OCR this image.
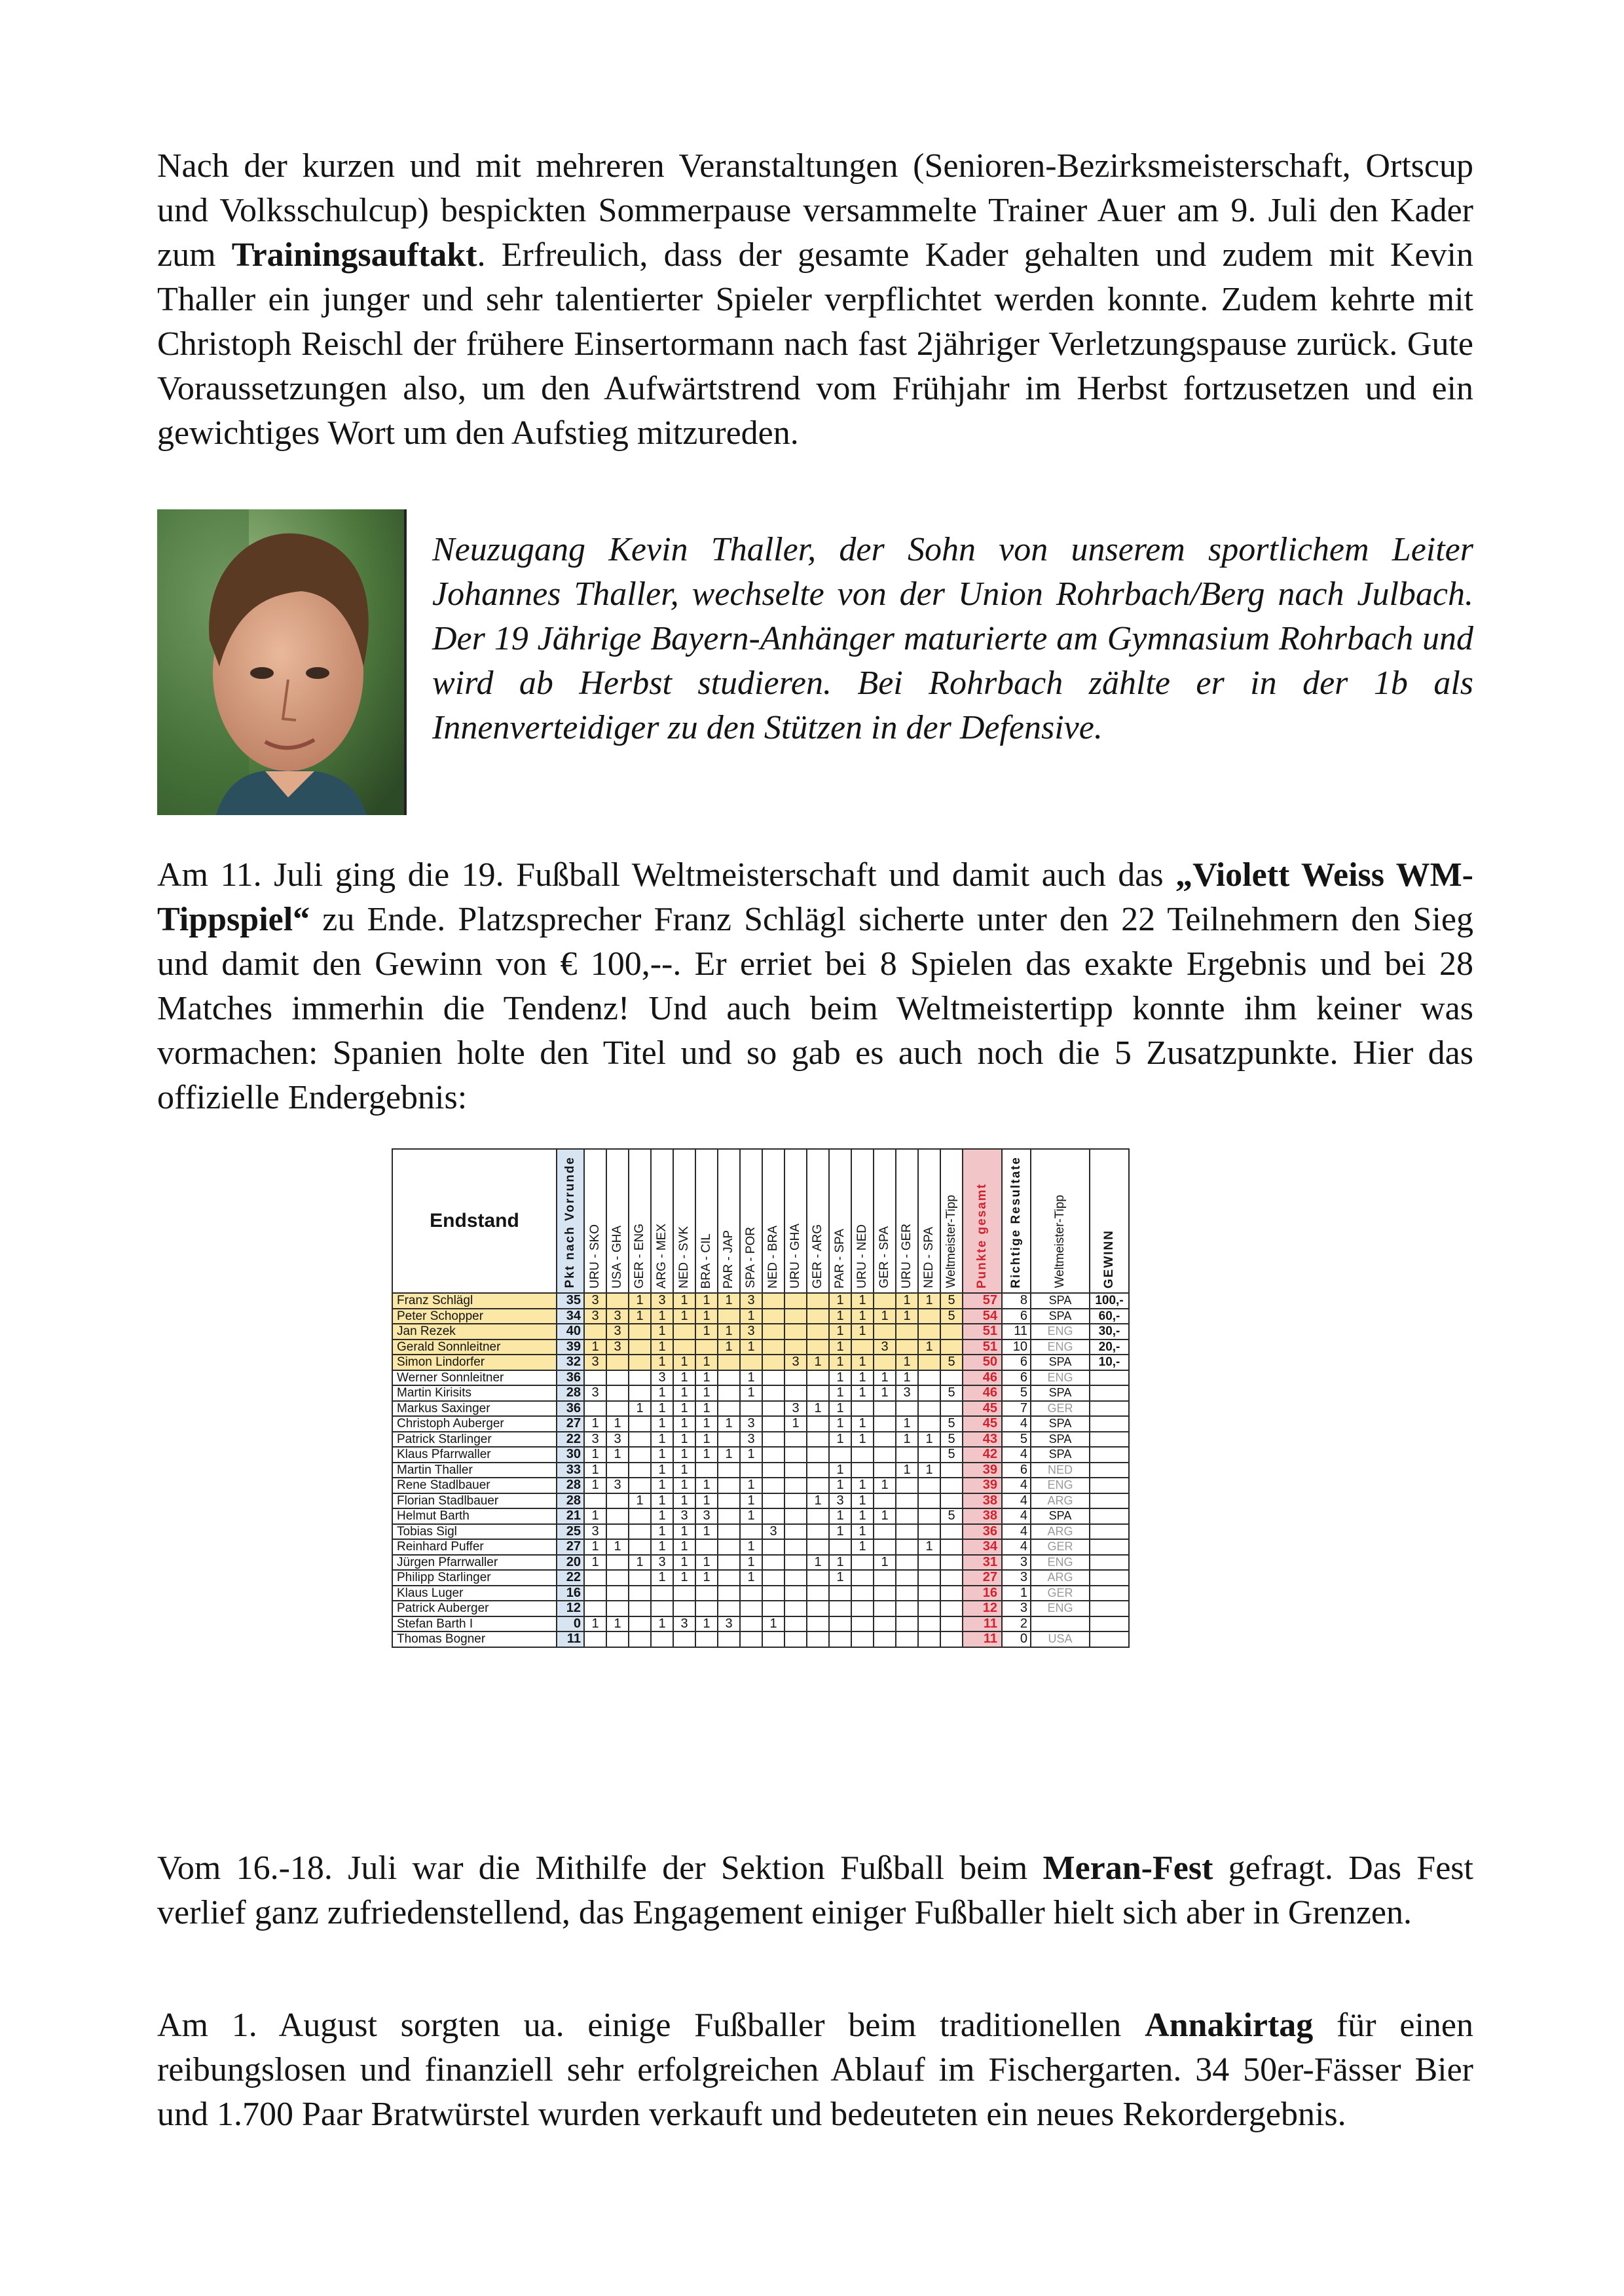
Nach der kurzen und mit mehreren Veranstaltungen (Senioren-Bezirksmeisterschaft, Ortscup und Volksschulcup) bespickten Sommerpause versammelte Trainer Auer am 9. Juli den Kader zum Trainingsauftakt. Erfreulich, dass der gesamte Kader gehalten und zudem mit Kevin Thaller ein junger und sehr talentierter Spieler verpflichtet werden konnte. Zudem kehrte mit Christoph Reischl der frühere Einsertormann nach fast 2jähriger Verletzungspause zurück. Gute Voraussetzungen also, um den Aufwärtstrend vom Frühjahr im Herbst fortzusetzen und ein gewichtiges Wort um den Aufstieg mitzureden.

Neuzugang Kevin Thaller, der Sohn von unserem sportlichem Leiter Johannes Thaller, wechselte von der Union Rohrbach/Berg nach Julbach. Der 19 Jährige Bayern-Anhänger maturierte am Gymnasium Rohrbach und wird ab Herbst studieren. Bei Rohrbach zählte er in der 1b als Innenverteidiger zu den Stützen in der Defensive.

Am 11. Juli ging die 19. Fußball Weltmeisterschaft und damit auch das „Violett Weiss WM-Tippspiel“ zu Ende. Platzsprecher Franz Schlägl sicherte unter den 22 Teilnehmern den Sieg und damit den Gewinn von € 100,--. Er erriet bei 8 Spielen das exakte Ergebnis und bei 28 Matches immerhin die Tendenz! Und auch beim Weltmeistertipp konnte ihm keiner was vormachen: Spanien holte den Titel und so gab es auch noch die 5 Zusatzpunkte. Hier das offizielle Endergebnis:

Endstand	Pkt nach Vorrunde	URU - SKO	USA - GHA	GER - ENG	ARG - MEX	NED - SVK	BRA - CIL	PAR - JAP	SPA - POR	NED - BRA	URU - GHA	GER - ARG	PAR - SPA	URU - NED	GER - SPA	URU - GER	NED - SPA	Weltmeister-Tipp	Punkte gesamt	Richtige Resultate	Weltmeister-Tipp	GEWINN
Franz Schlägl	35	3		1	3	1	1	1	3				1	1		1	1	5	57	8	SPA	100,-
Peter Schopper	34	3	3	1	1	1	1		1				1	1	1	1		5	54	6	SPA	60,-
Jan Rezek	40		3		1		1	1	3				1	1					51	11	ENG	30,-
Gerald Sonnleitner	39	1	3		1			1	1				1		3		1		51	10	ENG	20,-
Simon Lindorfer	32	3			1	1	1				3	1	1	1		1		5	50	6	SPA	10,-
Werner Sonnleitner	36				3	1	1		1				1	1	1	1			46	6	ENG	
Martin Kirisits	28	3			1	1	1		1				1	1	1	3		5	46	5	SPA	
Markus Saxinger	36			1	1	1	1				3	1	1						45	7	GER	
Christoph Auberger	27	1	1		1	1	1	1	3		1		1	1		1		5	45	4	SPA	
Patrick Starlinger	22	3	3		1	1	1		3				1	1		1	1	5	43	5	SPA	
Klaus Pfarrwaller	30	1	1		1	1	1	1	1									5	42	4	SPA	
Martin Thaller	33	1			1	1							1			1	1		39	6	NED	
Rene Stadlbauer	28	1	3		1	1	1		1				1	1	1				39	4	ENG	
Florian Stadlbauer	28			1	1	1	1		1			1	3	1					38	4	ARG	
Helmut Barth	21	1			1	3	3		1				1	1	1			5	38	4	SPA	
Tobias Sigl	25	3			1	1	1			3			1	1					36	4	ARG	
Reinhard Puffer	27	1	1		1	1			1					1			1		34	4	GER	
Jürgen Pfarrwaller	20	1		1	3	1	1		1			1	1		1				31	3	ENG	
Philipp Starlinger	22				1	1	1		1				1						27	3	ARG	
Klaus Luger	16																		16	1	GER	
Patrick Auberger	12																		12	3	ENG	
Stefan Barth I	0	1	1		1	3	1	3		1									11	2		
Thomas Bogner	11																		11	0	USA	

Vom 16.-18. Juli war die Mithilfe der Sektion Fußball beim Meran-Fest gefragt. Das Fest verlief ganz zufriedenstellend, das Engagement einiger Fußballer hielt sich aber in Grenzen.

Am 1. August sorgten ua. einige Fußballer beim traditionellen Annakirtag für einen reibungslosen und finanziell sehr erfolgreichen Ablauf im Fischergarten. 34 50er-Fässer Bier und 1.700 Paar Bratwürstel wurden verkauft und bedeuteten ein neues Rekordergebnis.
